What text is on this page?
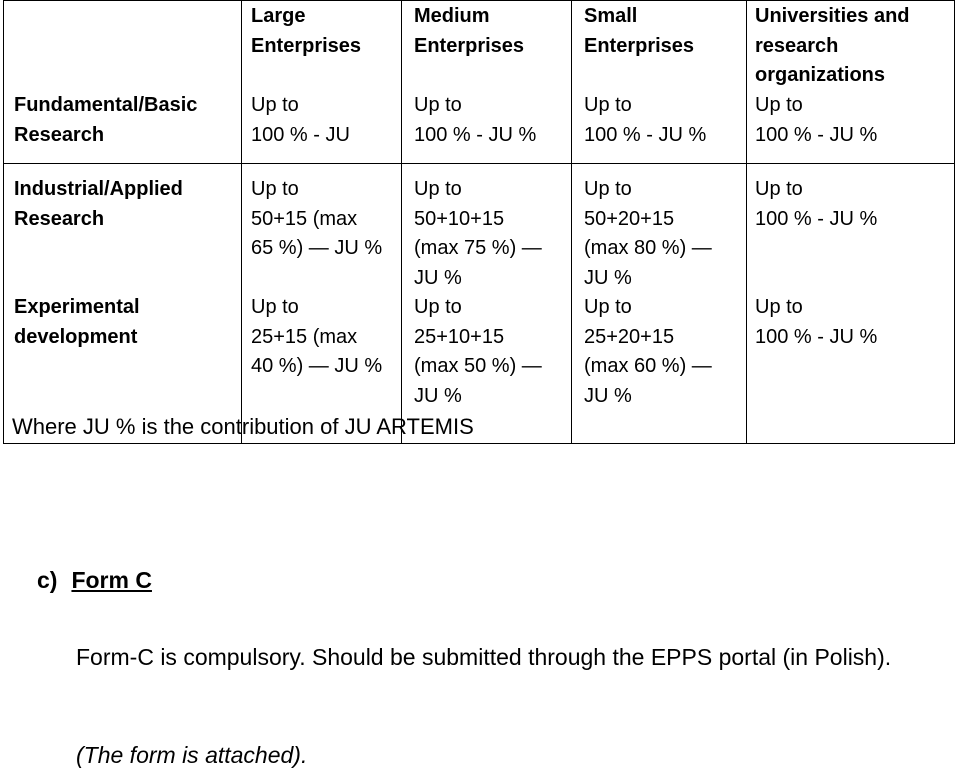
Large
Enterprises
Medium
Enterprises
Small
Enterprises
Universities and
research
organizations
Fundamental/Basic
Research
Up to
100 % - JU
Up to
100 % - JU %
Up to
100 % - JU %
Up to
100 % - JU %
Industrial/Applied
Research
Up to
50+15 (max
65 %) — JU %
Up to
50+10+15
(max 75 %) —
JU %
Up to
50+20+15
(max 80 %) —
JU %
Up to
100 % - JU %
Experimental
development
Up to
25+15 (max
40 %) — JU %
Up to
25+10+15
(max 50 %) —
JU %
Up to
25+20+15
(max 60 %) —
JU %
Up to
100 % - JU %
Where JU % is the contribution of JU ARTEMIS
c) Form C
Form-C is compulsory. Should be submitted through the EPPS portal (in Polish).
(The form is attached).
